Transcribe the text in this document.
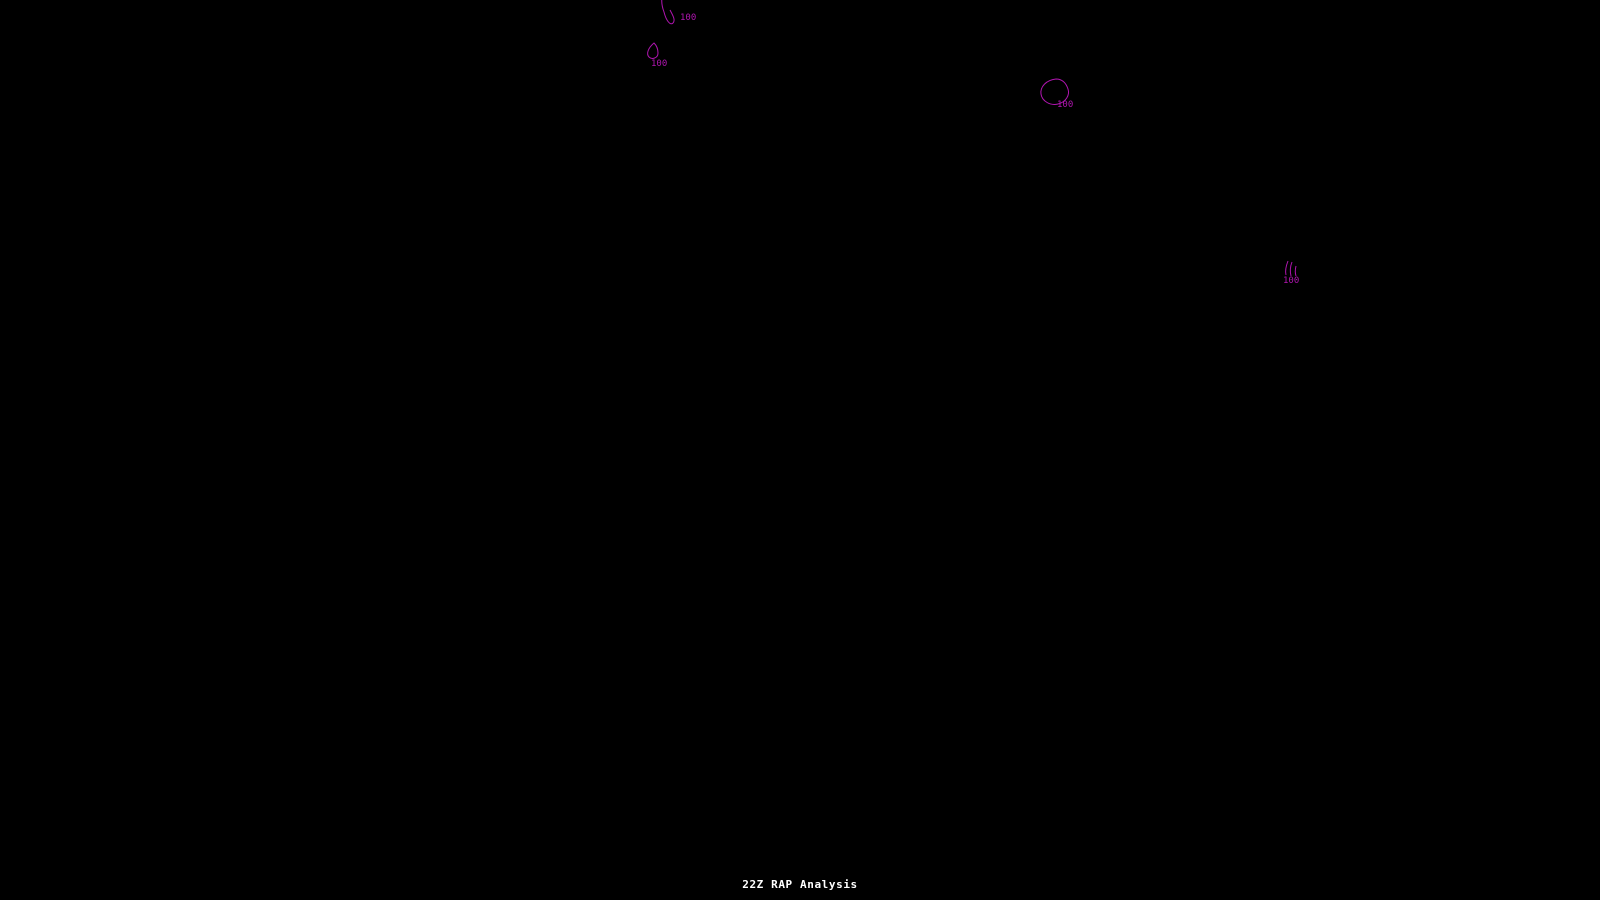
100
100
100
100
22Z RAP Analysis
